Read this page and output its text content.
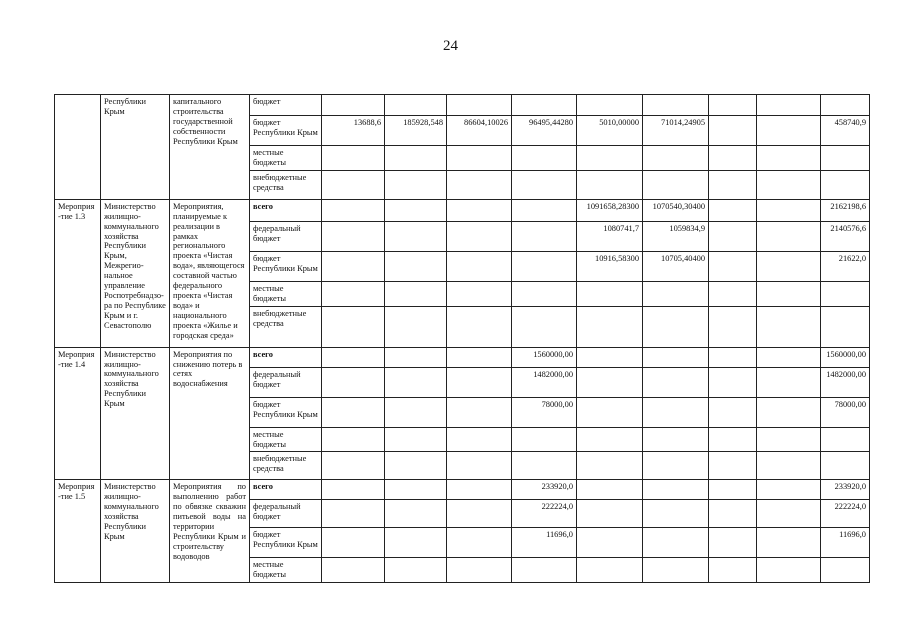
24
	Республики Крым	капитального строительства государственной собственности Республики Крым	бюджет									
			бюджет Республики Крым	13688,6	185928,548	86604,10026	96495,44280	5010,00000	71014,24905			458740,9
			местные бюджеты									
			внебюджетные средства									
Мероприя-тие 1.3	Министерство жилищно-коммунального хозяйства Республики Крым, Межрегио-нальное управление Роспотребнадзо-ра по Республике Крым и г. Севастополю	Мероприятия, планируемые к реализации в рамках регионального проекта «Чистая вода», являющегося составной частью федерального проекта «Чистая вода» и национального проекта «Жилье и городская среда»	всего					1091658,28300	1070540,30400			2162198,6
			федеральный бюджет					1080741,7	1059834,9			2140576,6
			бюджет Республики Крым					10916,58300	10705,40400			21622,0
			местные бюджеты									
			внебюджетные средства									
Мероприя-тие 1.4	Министерство жилищно-коммунального хозяйства Республики Крым	Мероприятия по снижению потерь в сетях водоснабжения	всего				1560000,00					1560000,00
			федеральный бюджет				1482000,00					1482000,00
			бюджет Республики Крым				78000,00					78000,00
			местные бюджеты									
			внебюджетные средства									
Мероприя-тие 1.5	Министерство жилищно-коммунального хозяйства Республики Крым	Мероприятия по выполнению работ по обвязке скважин питьевой воды на территории Республики Крым и строительству водоводов	всего				233920,0					233920,0
			федеральный бюджет				222224,0					222224,0
			бюджет Республики Крым				11696,0					11696,0
			местные бюджеты									
